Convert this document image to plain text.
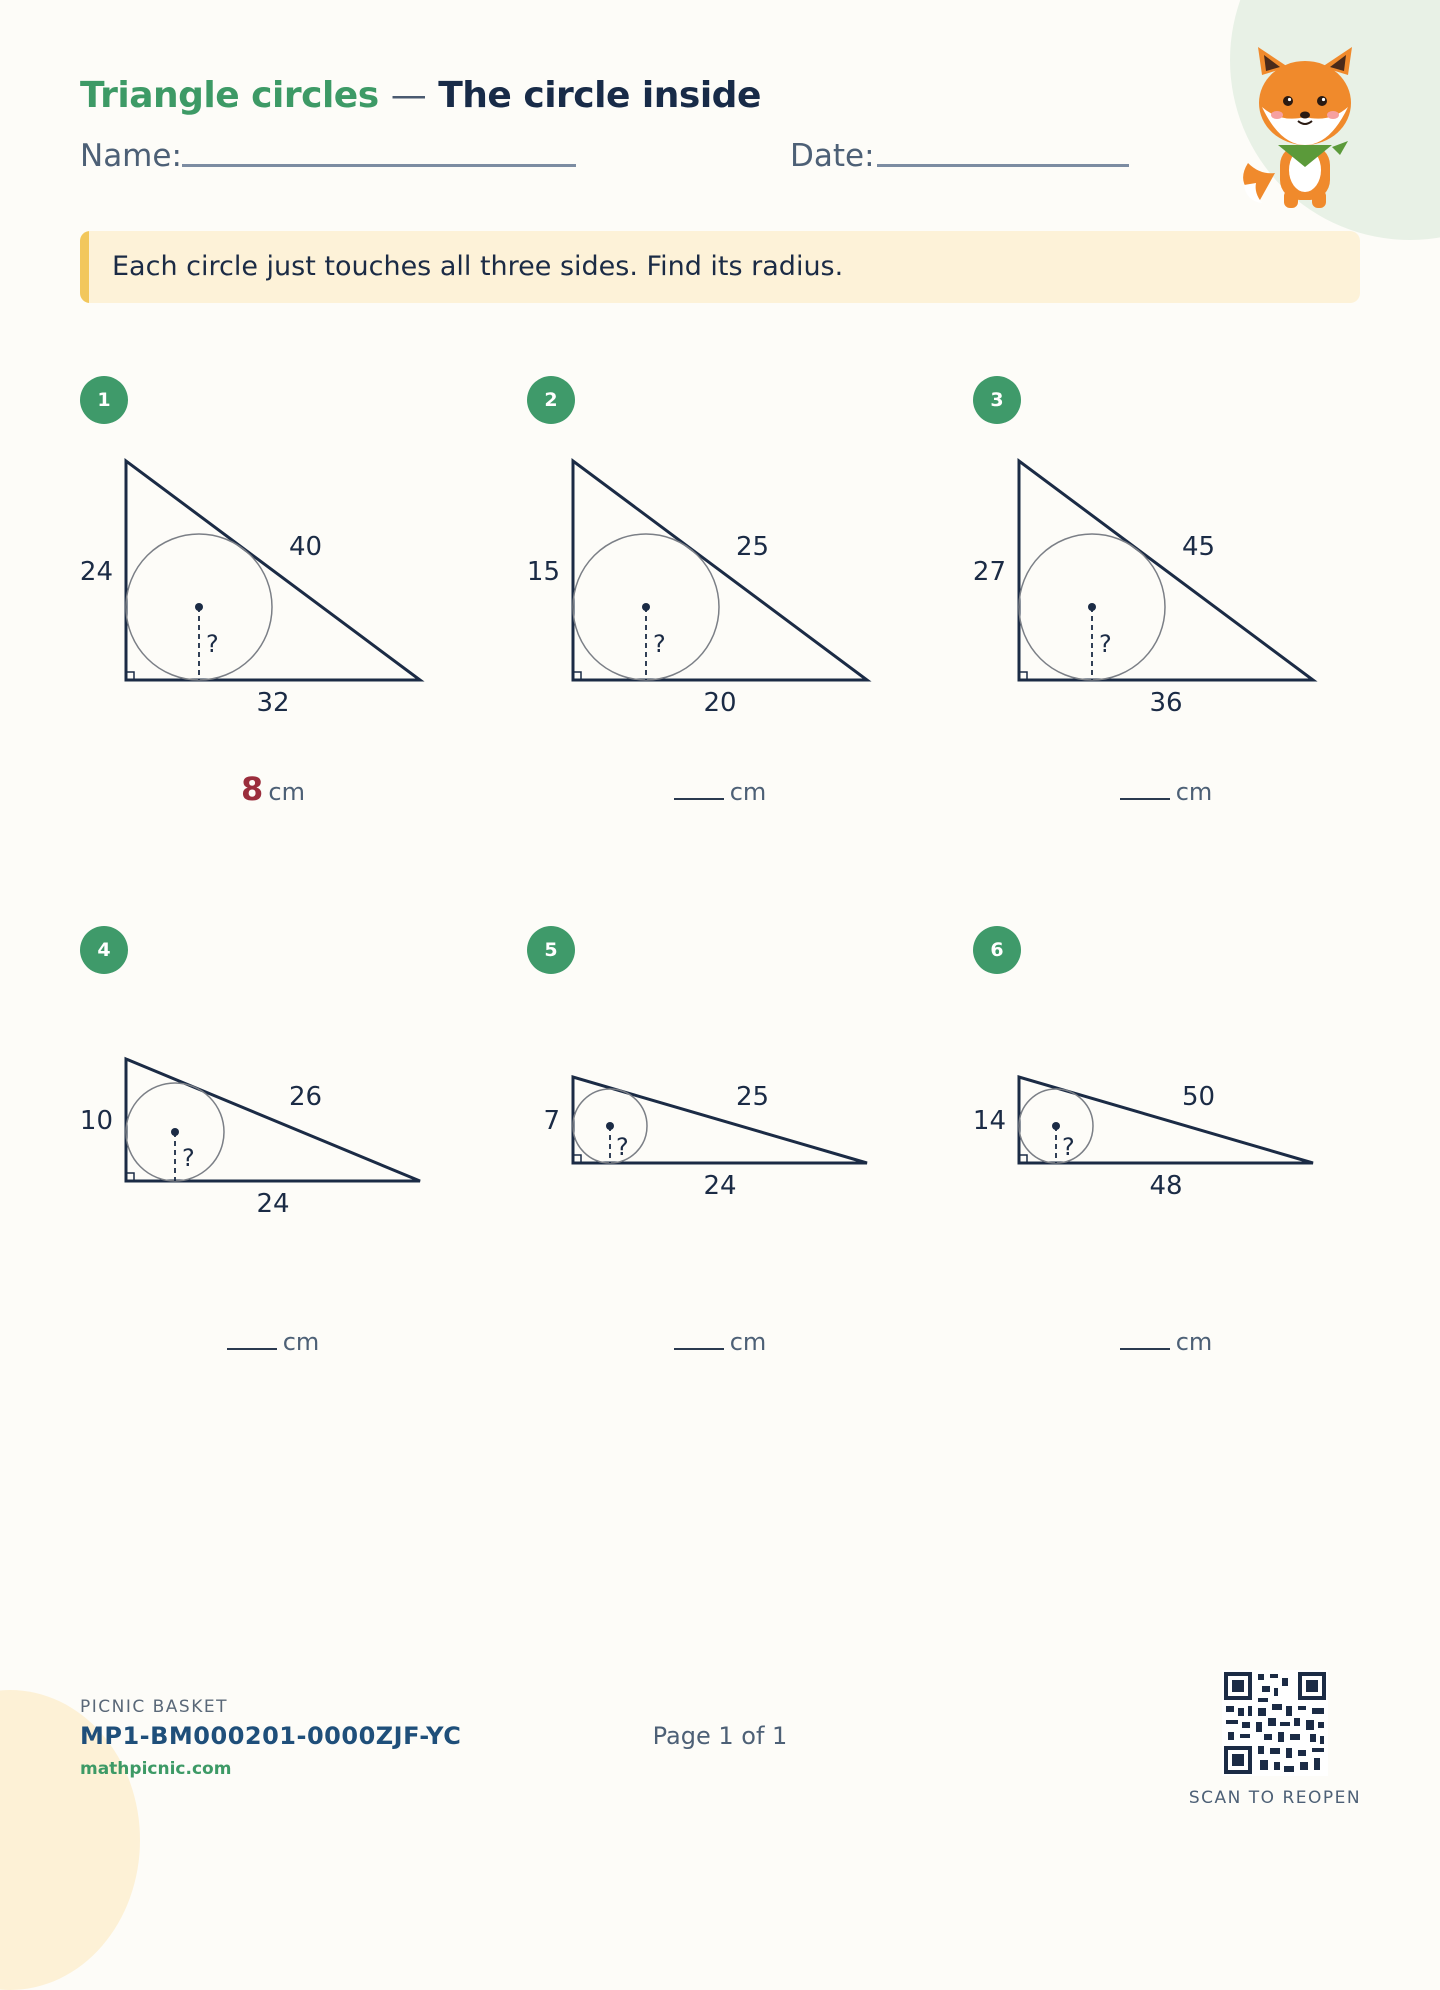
Triangle circles — The circle inside
Name:	Date:
Each circle just touches all three sides. Find its radius.
1	2	3
4	5	6
?
24
32
40
?
15
20
25
?
27
36
45
?
10
24
26
?
7
24
25
?
14
48
50
8 cm	cm	cm
cm	cm	cm
PICNIC BASKET
MP1-BM000201-0000ZJF-YC
mathpicnic.com
Page 1 of 1
SCAN TO REOPEN
